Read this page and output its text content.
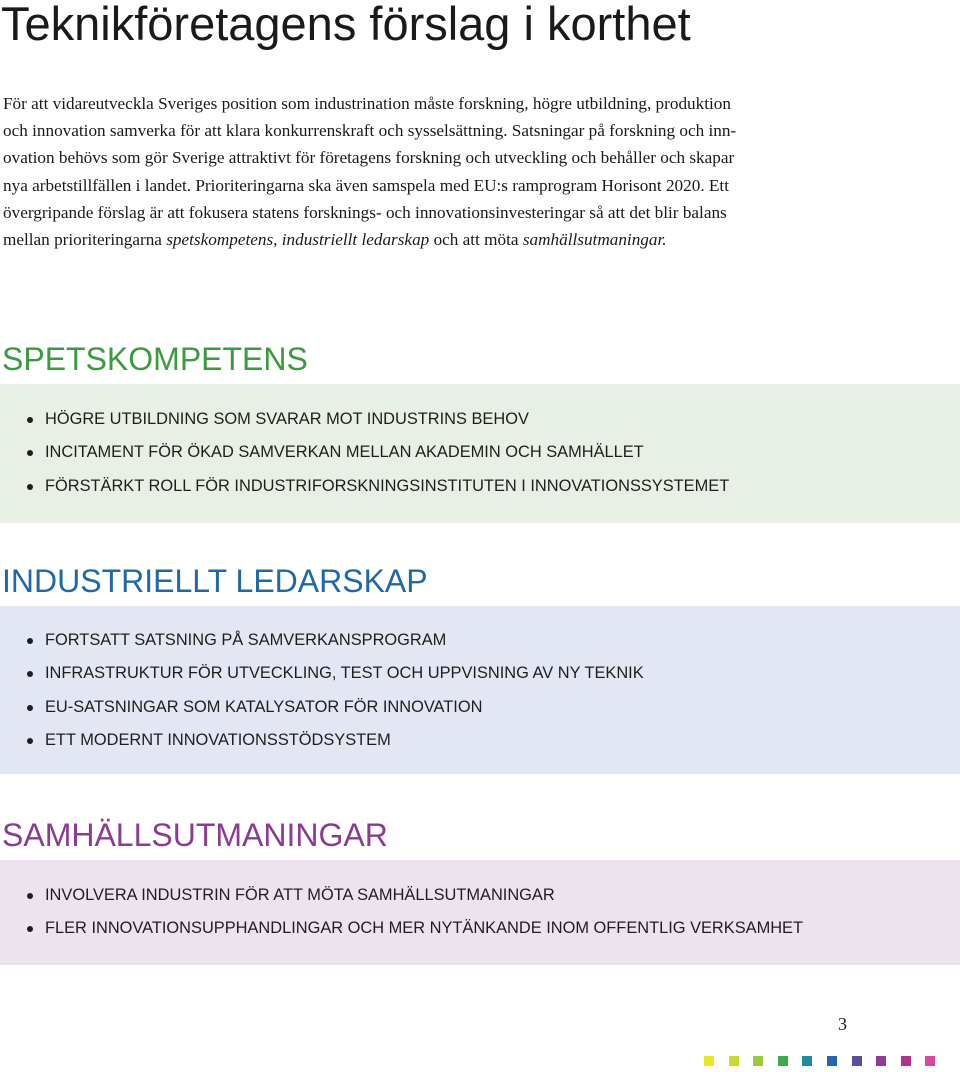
Teknikföretagens förslag i korthet

För att vidareutveckla Sveriges position som industrination måste forskning, högre utbildning, produktion
och innovation samverka för att klara konkurrenskraft och sysselsättning. Satsningar på forskning och inn-
ovation behövs som gör Sverige attraktivt för företagens forskning och utveckling och behåller och skapar
nya arbetstillfällen i landet. Prioriteringarna ska även samspela med EU:s ramprogram Horisont 2020. Ett
övergripande förslag är att fokusera statens forsknings- och innovationsinvesteringar så att det blir balans
mellan prioriteringarna spetskompetens, industriellt ledarskap och att möta samhällsutmaningar.

SPETSKOMPETENS
HÖGRE UTBILDNING SOM SVARAR MOT INDUSTRINS BEHOV
INCITAMENT FÖR ÖKAD SAMVERKAN MELLAN AKADEMIN OCH SAMHÄLLET
FÖRSTÄRKT ROLL FÖR INDUSTRIFORSKNINGSINSTITUTEN I INNOVATIONSSYSTEMET
INDUSTRIELLT LEDARSKAP
FORTSATT SATSNING PÅ SAMVERKANSPROGRAM
INFRASTRUKTUR FÖR UTVECKLING, TEST OCH UPPVISNING AV NY TEKNIK
EU-SATSNINGAR SOM KATALYSATOR FÖR INNOVATION
ETT MODERNT INNOVATIONSSTÖDSYSTEM
SAMHÄLLSUTMANINGAR
INVOLVERA INDUSTRIN FÖR ATT MÖTA SAMHÄLLSUTMANINGAR
FLER INNOVATIONSUPPHANDLINGAR OCH MER NYTÄNKANDE INOM OFFENTLIG VERKSAMHET
3
